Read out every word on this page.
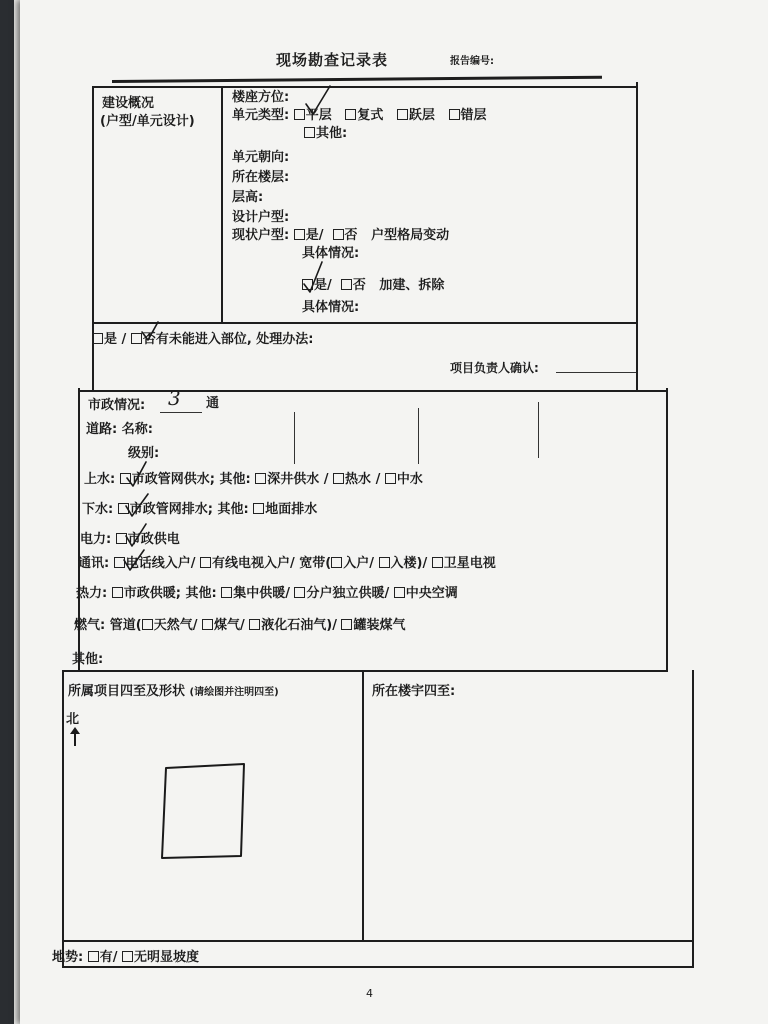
现场勘查记录表	报告编号:
建设概况
(户型/单元设计)
楼座方位:
单元类型: 平层 复式 跃层 错层
其他:
单元朝向:
所在楼层:
层高:
设计户型:
现状户型: 是/ 否 户型格局变动
具体情况:
是/ 否 加建、拆除
具体情况:
是 / 否有未能进入部位, 处理办法:
项目负责人确认:
市政情况: 3 通
道路: 名称:
级别:
上水: 市政管网供水; 其他: 深井供水 / 热水 / 中水
下水: 市政管网排水; 其他: 地面排水
电力: 市政供电
通讯: 电话线入户/ 有线电视入户/ 宽带( 入户/ 入楼)/ 卫星电视
热力: 市政供暖; 其他: 集中供暖/ 分户独立供暖/ 中央空调
燃气: 管道( 天然气/ 煤气/ 液化石油气)/ 罐装煤气
其他:
所属项目四至及形状 (请绘图并注明四至)	所在楼宇四至:
北
地势: 有/ 无明显坡度
4
